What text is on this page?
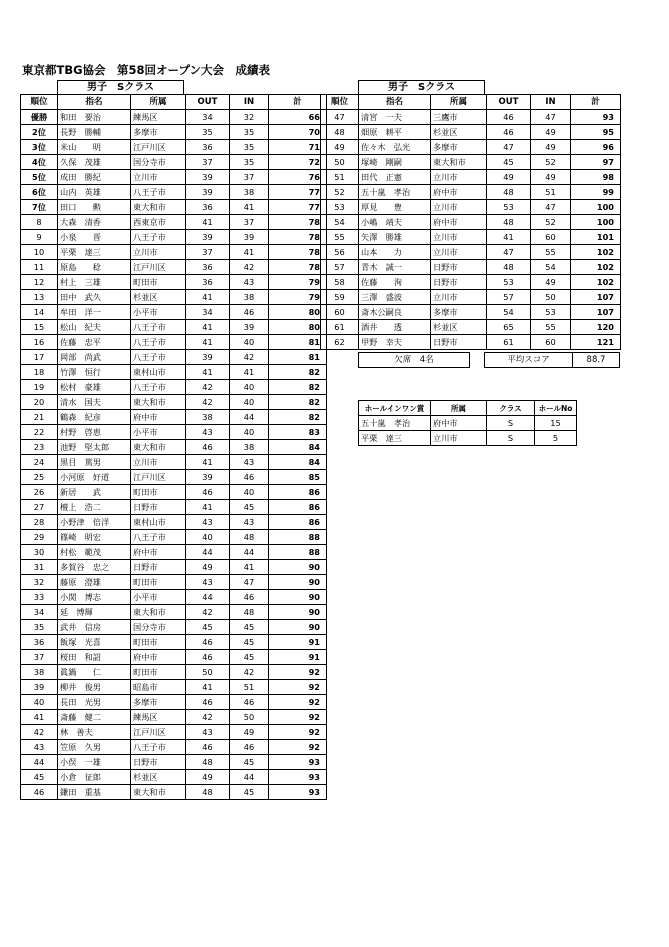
東京都TBG協会　第58回オープン大会　成績表
男子　Sクラス	男子　Sクラス
順位	指名	所属	OUT	IN	計
優勝	和田　要治	練馬区	34	32	66
2位	長野　勝輔	多摩市	35	35	70
3位	米山　　明	江戸川区	36	35	71
4位	久保　茂雄	国分寺市	37	35	72
5位	成田　勝紀	立川市	39	37	76
6位	山内　英雄	八王子市	39	38	77
7位	田口　　勲	東大和市	36	41	77
8	大森　清香	西東京市	41	37	78
9	小泉　　晋	八王子市	39	39	78
10	平栗　達三	立川市	37	41	78
11	原島　　稔	江戸川区	36	42	78
12	村上　三雄	町田市	36	43	79
13	田中　武久	杉並区	41	38	79
14	牟田　洋一	小平市	34	46	80
15	松山　紀夫	八王子市	41	39	80
16	佐藤　忠平	八王子市	41	40	81
17	岡部　尚武	八王子市	39	42	81
18	竹澤　恒行	東村山市	41	41	82
19	松村　豪雄	八王子市	42	40	82
20	清水　国夫	東大和市	42	40	82
21	鶴森　紀彦	府中市	38	44	82
22	村野　啓恵	小平市	43	40	83
23	池野　堅太郎	東大和市	46	38	84
24	黒目　篤男	立川市	41	43	84
25	小河原　好道	江戸川区	39	46	85
26	新居　　武	町田市	46	40	86
27	檀上　浩二	日野市	41	45	86
28	小野津　倍洋	東村山市	43	43	86
29	篠崎　明宏	八王子市	40	48	88
30	村松　範茂	府中市	44	44	88
31	多賀谷　忠之	日野市	49	41	90
32	藤原　澄雄	町田市	43	47	90
33	小関　博志	小平市	44	46	90
34	延　博輝	東大和市	42	48	90
35	武井　信房	国分寺市	45	45	90
36	飯塚　光喜	町田市	46	45	91
37	桜田　和詔	府中市	46	45	91
38	眞鍋　　仁	町田市	50	42	92
39	柳井　俊男	昭島市	41	51	92
40	長田　光男	多摩市	46	46	92
41	斎藤　健二	練馬区	42	50	92
42	林　善夫	江戸川区	43	49	92
43	笠原　久男	八王子市	46	46	92
44	小俣　一雄	日野市	48	45	93
45	小倉　征郎	杉並区	49	44	93
46	鎌田　重基	東大和市	48	45	93
順位	指名	所属	OUT	IN	計
47	清宮　一夫	三鷹市	46	47	93
48	畑原　耕平	杉並区	46	49	95
49	佐々木　弘光	多摩市	47	49	96
50	塚崎　剛嗣	東大和市	45	52	97
51	田代　正憲	立川市	49	49	98
52	五十嵐　孝治	府中市	48	51	99
53	厚見　　豊	立川市	53	47	100
54	小嶋　靖夫	府中市	48	52	100
55	矢澤　勝雄	立川市	41	60	101
56	山本　　力	立川市	47	55	102
57	青木　誠一	日野市	48	54	102
58	佐藤　　洵	日野市	53	49	102
59	三澤　盛波	立川市	57	50	107
60	斎木公嗣良	多摩市	54	53	107
61	酒井　　透	杉並区	65	55	120
62	甲野　幸夫	日野市	61	60	121
欠席　4名	平均スコア	88.7
ホールインワン賞	所属	クラス	ホールNo
五十嵐　孝治	府中市	S	15
平栗　達三	立川市	S	5
